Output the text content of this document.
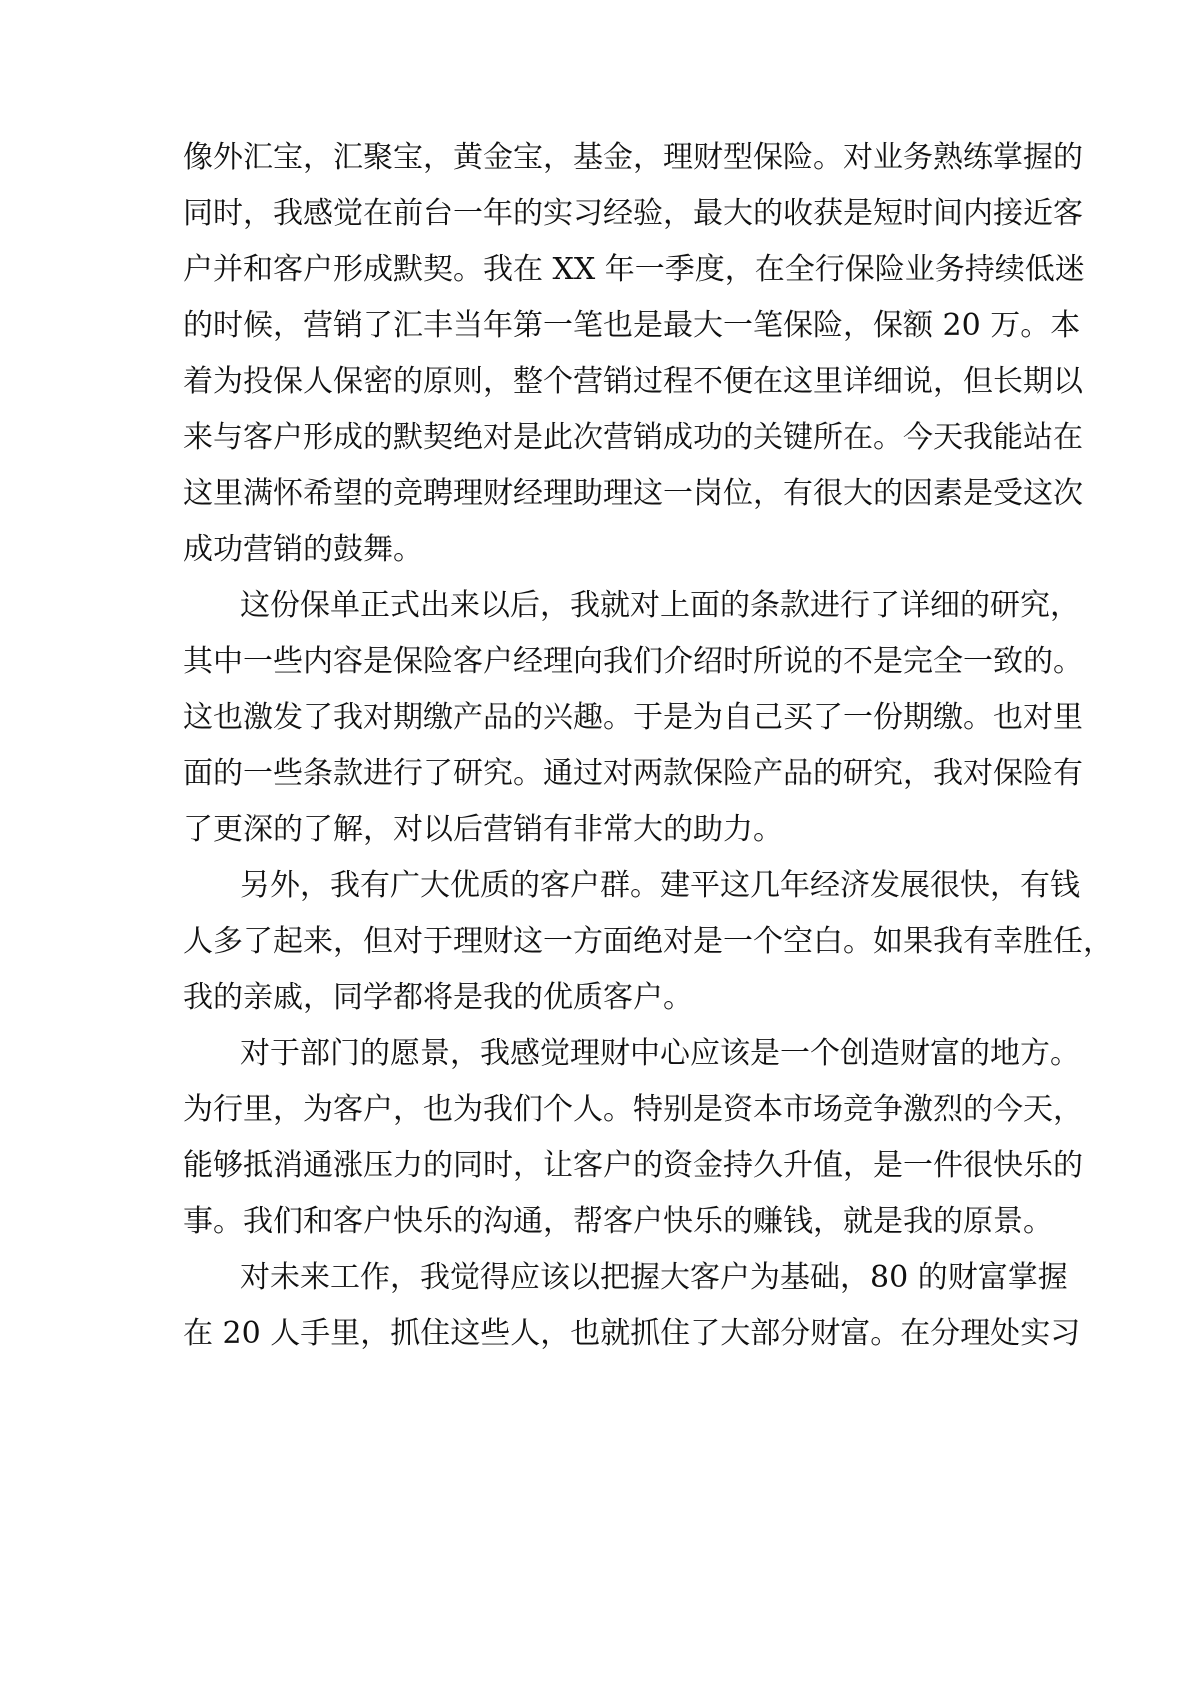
像外汇宝，汇聚宝，黄金宝，基金，理财型保险。对业务熟练掌握的

同时，我感觉在前台一年的实习经验，最大的收获是短时间内接近客

户并和客户形成默契。我在 XX 年一季度，在全行保险业务持续低迷

的时候，营销了汇丰当年第一笔也是最大一笔保险，保额 20 万。本

着为投保人保密的原则，整个营销过程不便在这里详细说，但长期以

来与客户形成的默契绝对是此次营销成功的关键所在。今天我能站在

这里满怀希望的竞聘理财经理助理这一岗位，有很大的因素是受这次

成功营销的鼓舞。

这份保单正式出来以后，我就对上面的条款进行了详细的研究，

其中一些内容是保险客户经理向我们介绍时所说的不是完全一致的。

这也激发了我对期缴产品的兴趣。于是为自己买了一份期缴。也对里

面的一些条款进行了研究。通过对两款保险产品的研究，我对保险有

了更深的了解，对以后营销有非常大的助力。

另外，我有广大优质的客户群。建平这几年经济发展很快，有钱

人多了起来，但对于理财这一方面绝对是一个空白。如果我有幸胜任，

我的亲戚，同学都将是我的优质客户。

对于部门的愿景，我感觉理财中心应该是一个创造财富的地方。

为行里，为客户，也为我们个人。特别是资本市场竞争激烈的今天，

能够抵消通涨压力的同时，让客户的资金持久升值，是一件很快乐的

事。我们和客户快乐的沟通，帮客户快乐的赚钱，就是我的原景。

对未来工作，我觉得应该以把握大客户为基础，80 的财富掌握

在 20 人手里，抓住这些人，也就抓住了大部分财富。在分理处实习
